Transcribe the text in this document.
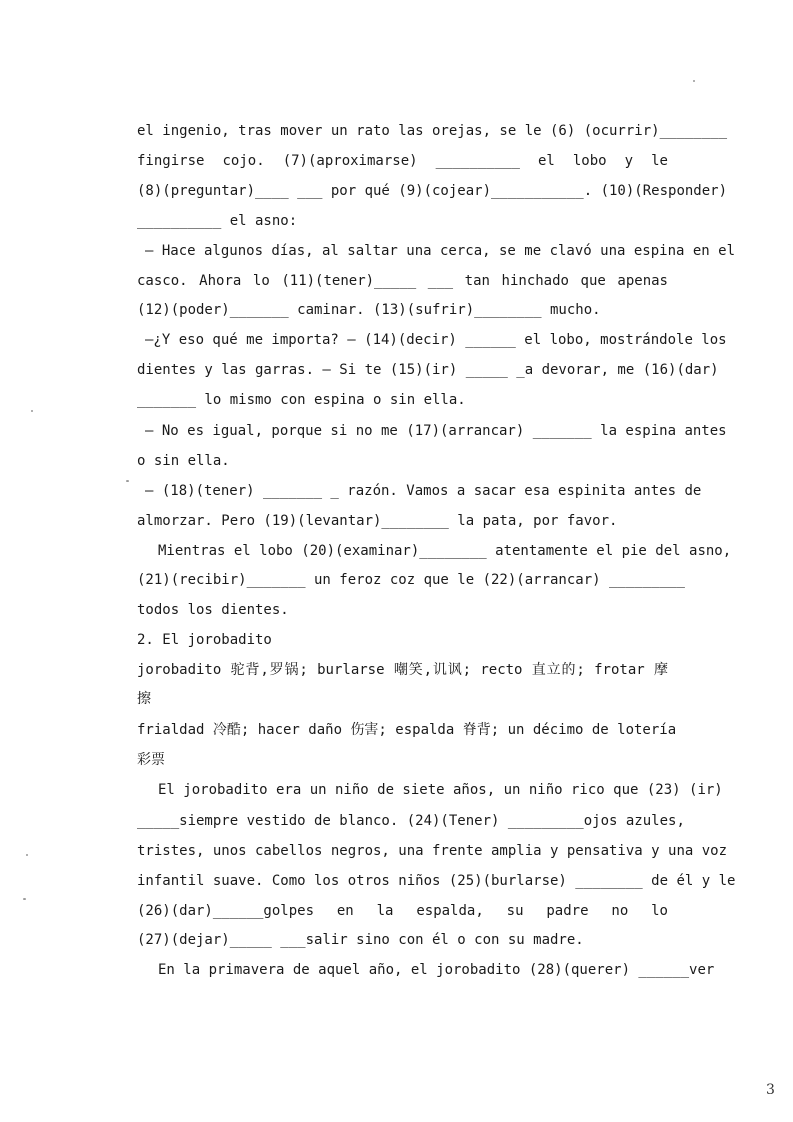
el ingenio, tras mover un rato las orejas, se le (6) (ocurrir)________
fingirse cojo. (7)(aproximarse) __________ el lobo y le
(8)(preguntar)____ ___ por qué (9)(cojear)___________. (10)(Responder)
__________ el asno:
– Hace algunos días, al saltar una cerca, se me clavó una espina en el
casco. Ahora lo (11)(tener)_____ ___ tan hinchado que apenas
(12)(poder)_______ caminar. (13)(sufrir)________ mucho.
–¿Y eso qué me importa? – (14)(decir) ______ el lobo, mostrándole los
dientes y las garras. – Si te (15)(ir) _____ _a devorar, me (16)(dar)
_______ lo mismo con espina o sin ella.
– No es igual, porque si no me (17)(arrancar) _______ la espina antes
o sin ella.
– (18)(tener) _______ _ razón. Vamos a sacar esa espinita antes de
almorzar. Pero (19)(levantar)________ la pata, por favor.
Mientras el lobo (20)(examinar)________ atentamente el pie del asno,
(21)(recibir)_______ un feroz coz que le (22)(arrancar) _________
todos los dientes.
2. El jorobadito
jorobadito 驼背,罗锅; burlarse 嘲笑,讥讽; recto 直立的; frotar 摩
擦
frialdad 冷酷; hacer daño 伤害; espalda 脊背; un décimo de lotería
彩票
El jorobadito era un niño de siete años, un niño rico que (23) (ir)
_____siempre vestido de blanco. (24)(Tener) _________ojos azules,
tristes, unos cabellos negros, una frente amplia y pensativa y una voz
infantil suave. Como los otros niños (25)(burlarse) ________ de él y le
(26)(dar)______golpes en la espalda, su padre no lo
(27)(dejar)_____ ___salir sino con él o con su madre.
En la primavera de aquel año, el jorobadito (28)(querer) ______ver
3
